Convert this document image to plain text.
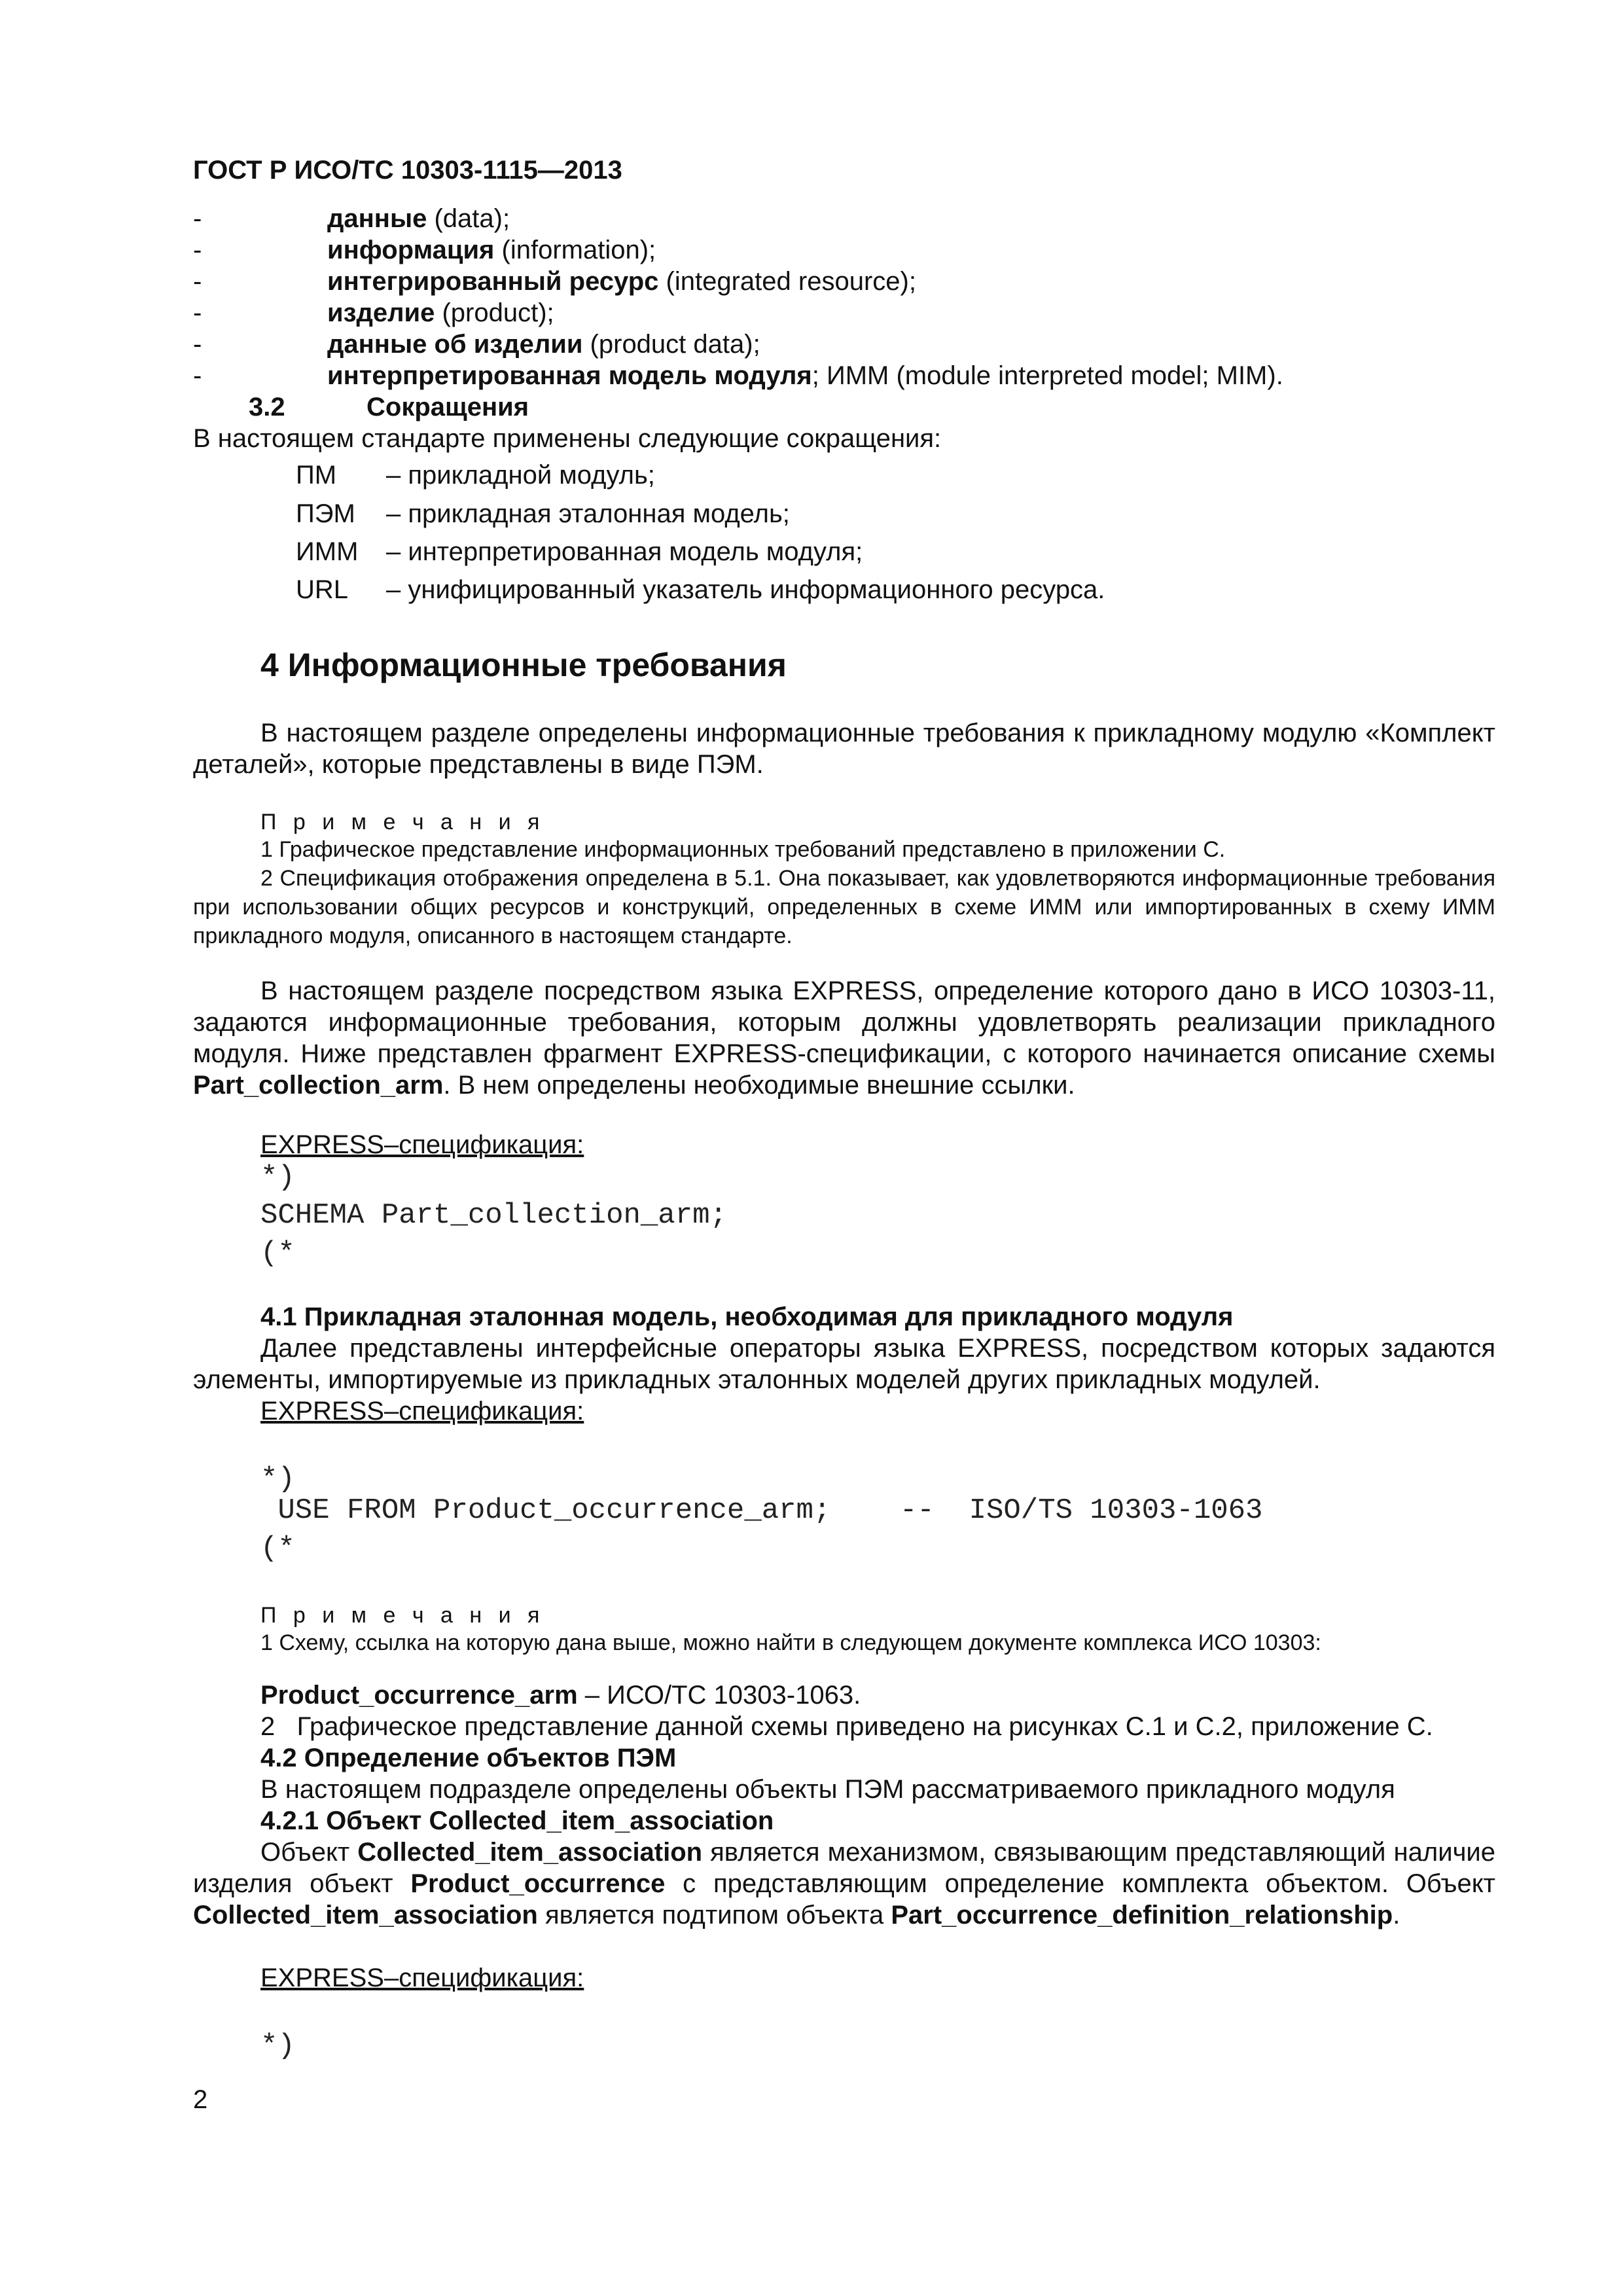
ГОСТ Р ИСО/ТС 10303-1115—2013
-	данные (data);
-	информация (information);
-	интегрированный ресурс (integrated resource);
-	изделие (product);
-	данные об изделии (product data);
-	интерпретированная модель модуля; ИММ (module interpreted model; MIM).
3.2	Сокращения
В настоящем стандарте применены следующие сокращения:
ПМ – прикладной модуль;
ПЭМ – прикладная эталонная модель;
ИММ – интерпретированная модель модуля;
URL – унифицированный указатель информационного ресурса.
4 Информационные требования
В настоящем разделе определены информационные требования к прикладному модулю «Комплект деталей», которые представлены в виде ПЭМ.
П р и м е ч а н и я
1 Графическое представление информационных требований представлено в приложении С.
2 Спецификация отображения определена в 5.1. Она показывает, как удовлетворяются информационные требования при использовании общих ресурсов и конструкций, определенных в схеме ИММ или импортированных в схему ИММ прикладного модуля, описанного в настоящем стандарте.
В настоящем разделе посредством языка EXPRESS, определение которого дано в ИСО 10303-11, задаются информационные требования, которым должны удовлетворять реализации прикладного модуля. Ниже представлен фрагмент EXPRESS-спецификации, с которого начинается описание схемы Part_collection_arm. В нем определены необходимые внешние ссылки.
EXPRESS–спецификация:
*)
SCHEMA Part_collection_arm;
(*
4.1 Прикладная эталонная модель, необходимая для прикладного модуля
Далее представлены интерфейсные операторы языка EXPRESS, посредством которых задаются элементы, импортируемые из прикладных эталонных моделей других прикладных модулей.
EXPRESS–спецификация:
*)
USE FROM Product_occurrence_arm;    --  ISO/TS 10303-1063
(*
П р и м е ч а н и я
1 Схему, ссылка на которую дана выше, можно найти в следующем документе комплекса ИСО 10303:
Product_occurrence_arm – ИСО/ТС 10303-1063.
2   Графическое представление данной схемы приведено на рисунках С.1 и С.2, приложение С.
4.2 Определение объектов ПЭМ
В настоящем подразделе определены объекты ПЭМ рассматриваемого прикладного модуля
4.2.1 Объект Collected_item_association
Объект Collected_item_association является механизмом, связывающим представляющий наличие изделия объект Product_occurrence с представляющим определение комплекта объектом. Объект Collected_item_association является подтипом объекта Part_occurrence_definition_relationship.
EXPRESS–спецификация:
*)
2
